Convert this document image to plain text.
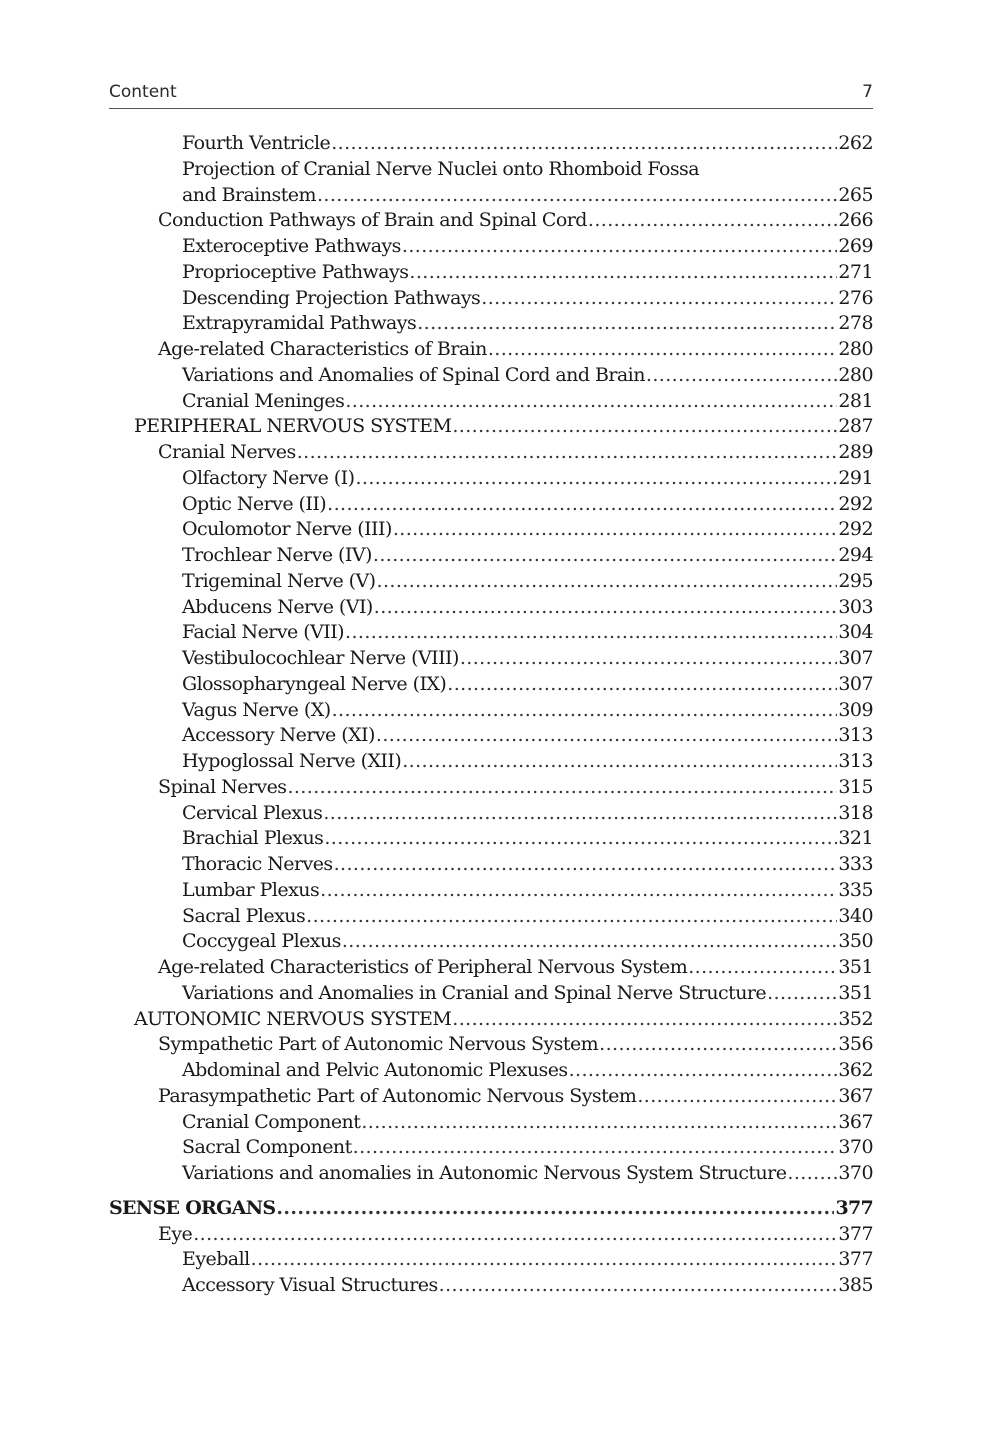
Content	7
Fourth Ventricle .....	262
Projection of Cranial Nerve Nuclei onto Rhomboid Fossa
and Brainstem .....	265
Conduction Pathways of Brain and Spinal Cord .....	266
Exteroceptive Pathways .....	269
Proprioceptive Pathways .....	271
Descending Projection Pathways .....	276
Extrapyramidal Pathways .....	278
Age-related Characteristics of Brain .....	280
Variations and Anomalies of Spinal Cord and Brain .....	280
Cranial Meninges .....	281
PERIPHERAL NERVOUS SYSTEM .....	287
Cranial Nerves .....	289
Olfactory Nerve (I) .....	291
Optic Nerve (II) .....	292
Oculomotor Nerve (III) .....	292
Trochlear Nerve (IV) .....	294
Trigeminal Nerve (V) .....	295
Abducens Nerve (VI) .....	303
Facial Nerve (VII) .....	304
Vestibulocochlear Nerve (VIII) .....	307
Glossopharyngeal Nerve (IX) .....	307
Vagus Nerve (X) .....	309
Accessory Nerve (XI) .....	313
Hypoglossal Nerve (XII) .....	313
Spinal Nerves .....	315
Cervical Plexus .....	318
Brachial Plexus .....	321
Thoracic Nerves .....	333
Lumbar Plexus .....	335
Sacral Plexus .....	340
Coccygeal Plexus .....	350
Age-related Characteristics of Peripheral Nervous System .....	351
Variations and Anomalies in Cranial and Spinal Nerve Structure .....	351
AUTONOMIC NERVOUS SYSTEM .....	352
Sympathetic Part of Autonomic Nervous System .....	356
Abdominal and Pelvic Autonomic Plexuses .....	362
Parasympathetic Part of Autonomic Nervous System .....	367
Cranial Component .....	367
Sacral Component .....	370
Variations and anomalies in Autonomic Nervous System Structure .....	370
SENSE ORGANS .....	377
Eye .....	377
Eyeball .....	377
Accessory Visual Structures .....	385
